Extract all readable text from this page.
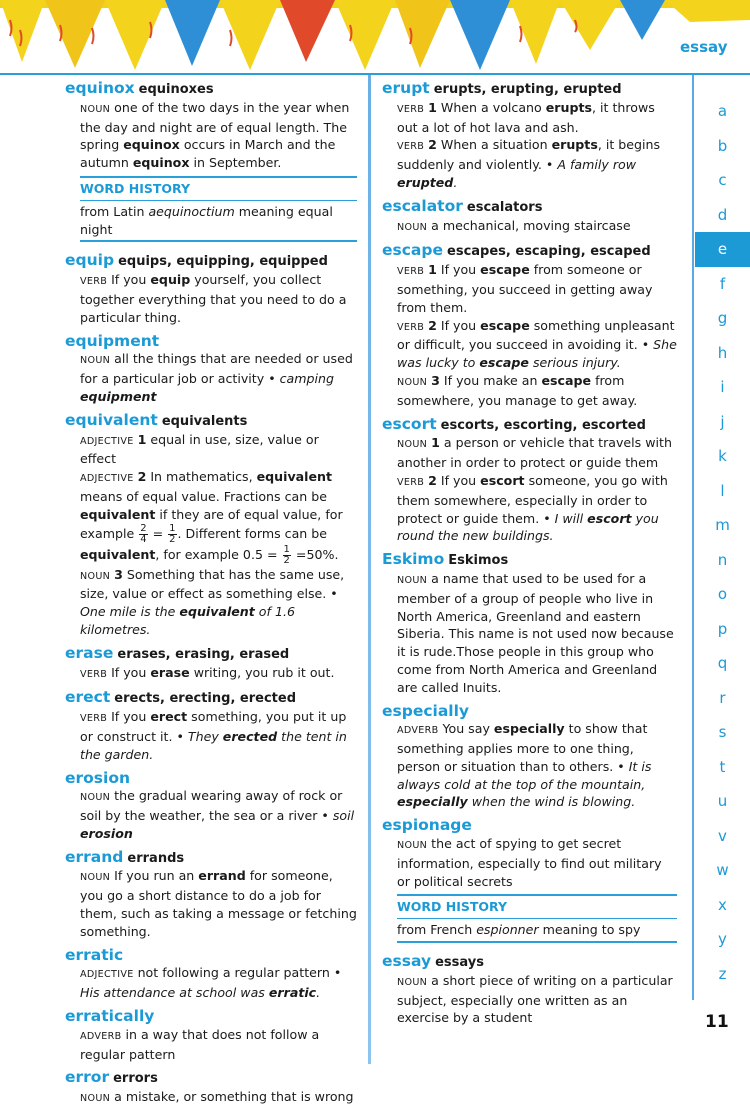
essay
equinox equinoxes
NOUN one of the two days in the year when the day and night are of equal length. The spring equinox occurs in March and the autumn equinox in September.
WORD HISTORY
from Latin aequinoctium meaning equal night
equip equips, equipping, equipped
VERB If you equip yourself, you collect together everything that you need to do a particular thing.
equipment
NOUN all the things that are needed or used for a particular job or activity • camping equipment
equivalent equivalents
ADJECTIVE 1 equal in use, size, value or effect
ADJECTIVE 2 In mathematics, equivalent means of equal value. Fractions can be equivalent if they are of equal value, for example $\frac{2}{4} = \frac{1}{2}$ . Different forms can be equivalent, for example $0.5 = \frac{1}{2} =50\%$.
NOUN 3 Something that has the same use, size, value or effect as something else. • One mile is the equivalent of 1.6 kilometres.
erase erases, erasing, erased
VERB If you erase writing, you rub it out.
erect erects, erecting, erected
VERB If you erect something, you put it up or construct it. • They erected the tent in the garden.
erosion
NOUN the gradual wearing away of rock or soil by the weather, the sea or a river • soil erosion
errand errands
NOUN If you run an errand for someone, you go a short distance to do a job for them, such as taking a message or fetching something.
erratic
ADJECTIVE not following a regular pattern • His attendance at school was erratic.
erratically
ADVERB in a way that does not follow a regular pattern
error errors
NOUN a mistake, or something that is wrong
erupt erupts, erupting, erupted
VERB 1 When a volcano erupts, it throws out a lot of hot lava and ash.
VERB 2 When a situation erupts, it begins suddenly and violently. • A family row erupted.
escalator escalators
NOUN a mechanical, moving staircase
escape escapes, escaping, escaped
VERB 1 If you escape from someone or something, you succeed in getting away from them.
VERB 2 If you escape something unpleasant or difficult, you succeed in avoiding it. • She was lucky to escape serious injury.
NOUN 3 If you make an escape from somewhere, you manage to get away.
escort escorts, escorting, escorted
NOUN 1 a person or vehicle that travels with another in order to protect or guide them
VERB 2 If you escort someone, you go with them somewhere, especially in order to protect or guide them. • I will escort you round the new buildings.
Eskimo Eskimos
NOUN a name that used to be used for a member of a group of people who live in North America, Greenland and eastern Siberia. This name is not used now because it is rude.Those people in this group who come from North America and Greenland are called Inuits.
especially
ADVERB You say especially to show that something applies more to one thing, person or situation than to others. • It is always cold at the top of the mountain, especially when the wind is blowing.
espionage
NOUN the act of spying to get secret information, especially to find out military or political secrets
WORD HISTORY
from French espionner meaning to spy
essay essays
NOUN a short piece of writing on a particular subject, especially one written as an exercise by a student
a
b
c
d
e
f
g
h
i
j
k
l
m
n
o
p
q
r
s
t
u
v
w
x
y
z
11
